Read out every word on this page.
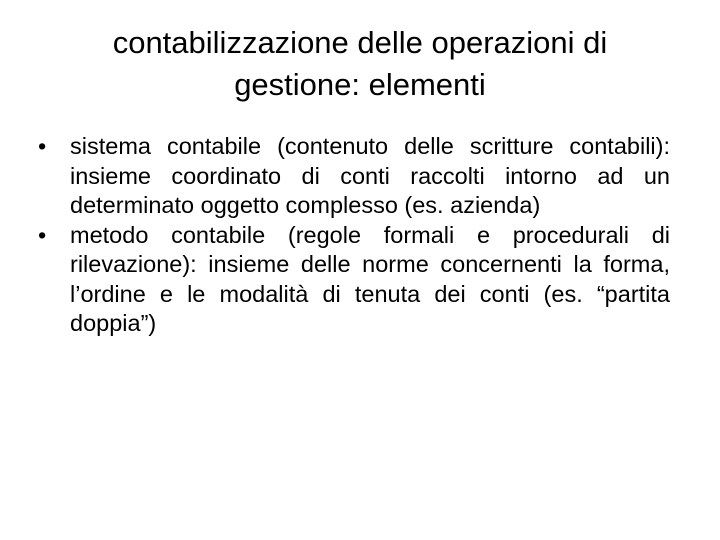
contabilizzazione delle operazioni di
gestione: elementi
•	sistema contabile (contenuto delle scritture contabili): insieme coordinato di conti raccolti intorno ad un determinato oggetto complesso (es. azienda)
•	metodo contabile (regole formali e procedurali di rilevazione): insieme delle norme concernenti la forma, l’ordine e le modalità di tenuta dei conti (es. “partita doppia”)
